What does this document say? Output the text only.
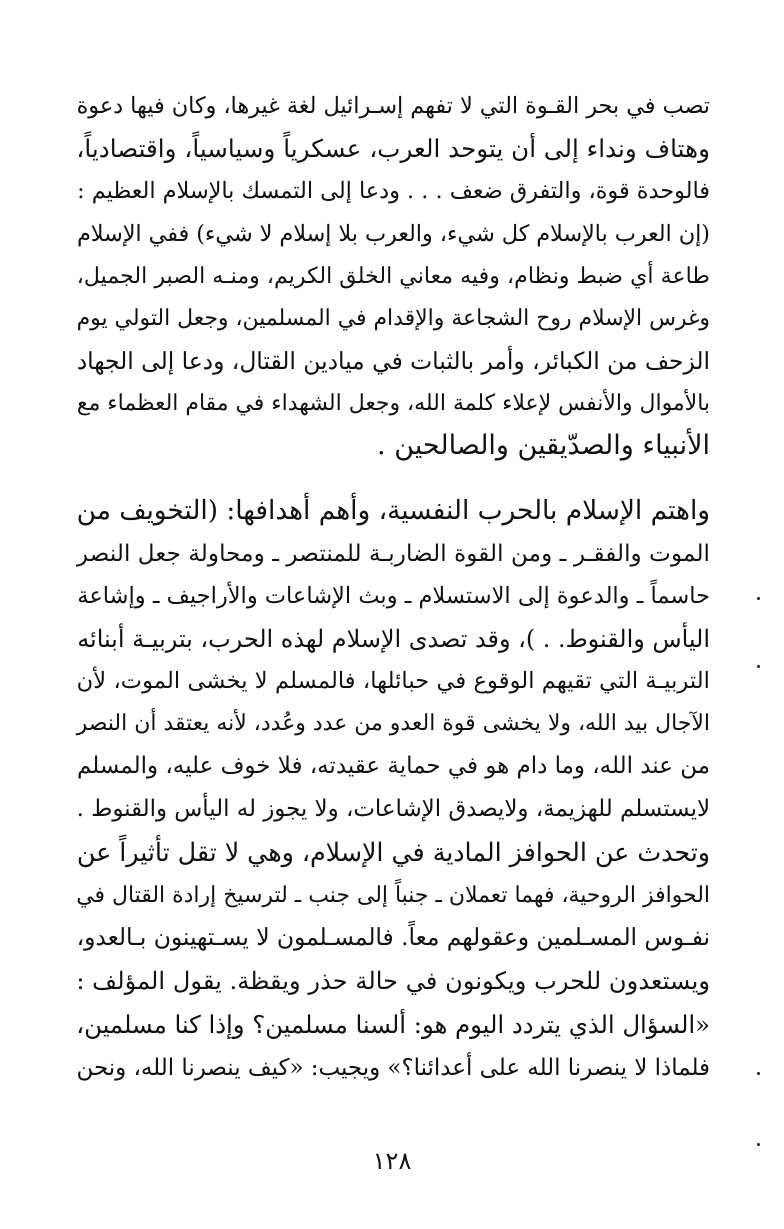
تصب في بحر القـوة التي لا تفهم إسـرائيل لغة غيرها، وكان فيها دعوة
وهتاف ونداء إلى أن يتوحد العرب، عسكرياً وسياسياً، واقتصادياً،
فالوحدة قوة، والتفرق ضعف . . . ودعا إلى التمسك بالإسلام العظيم :
(إن العرب بالإسلام كل شيء، والعرب بلا إسلام لا شيء) ففي الإسلام
طاعة أي ضبط ونظام، وفيه معاني الخلق الكريم، ومنـه الصبر الجميل،
وغرس الإسلام روح الشجاعة والإقدام في المسلمين، وجعل التولي يوم
الزحف من الكبائر، وأمر بالثبات في ميادين القتال، ودعا إلى الجهاد
بالأموال والأنفس لإعلاء كلمة الله، وجعل الشهداء في مقام العظماء مع
الأنبياء والصدّيقين والصالحين .
واهتم الإسلام بالحرب النفسية، وأهم أهدافها: (التخويف من
الموت والفقـر ـ ومن القوة الضاربـة للمنتصر ـ ومحاولة جعل النصر
حاسماً ـ والدعوة إلى الاستسلام ـ وبث الإشاعات والأراجيف ـ وإشاعة
اليأس والقنوط. . )، وقد تصدى الإسلام لهذه الحرب، بتربيـة أبنائه
التربيـة التي تقيهم الوقوع في حبائلها، فالمسلم لا يخشى الموت، لأن
الآجال بيد الله، ولا يخشى قوة العدو من عدد وعُدد، لأنه يعتقد أن النصر
من عند الله، وما دام هو في حماية عقيدته، فلا خوف عليه، والمسلم
لايستسلم للهزيمة، ولايصدق الإشاعات، ولا يجوز له اليأس والقنوط .
وتحدث عن الحوافز المادية في الإسلام، وهي لا تقل تأثيراً عن
الحوافز الروحية، فهما تعملان ـ جنباً إلى جنب ـ لترسيخ إرادة القتال في
نفـوس المسـلمين وعقولهم معاً. فالمسـلمون لا يسـتهينون بـالعدو،
ويستعدون للحرب ويكونون في حالة حذر ويقظة. يقول المؤلف :
«السؤال الذي يتردد اليوم هو: ألسنا مسلمين؟ وإذا كنا مسلمين،
فلماذا لا ينصرنا الله على أعدائنا؟» ويجيب: «كيف ينصرنا الله، ونحن
١٢٨
